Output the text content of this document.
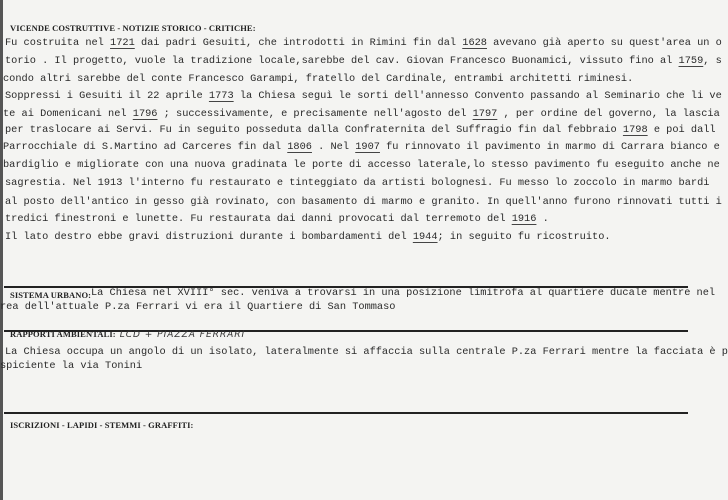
VICENDE COSTRUTTIVE - NOTIZIE STORICO - CRITICHE:
Fu costruita nel 1721 dai padri Gesuiti, che introdotti in Rimini fin dal 1628 avevano già aperto su quest'area un o
torio . Il progetto, vuole la tradizione locale,sarebbe del cav. Giovan Francesco Buonamici, vissuto fino al 1759, s
condo altri sarebbe del conte Francesco Garampi, fratello del Cardinale, entrambi architetti riminesi.
Soppressi i Gesuiti il 22 aprile 1773 la Chiesa seguì le sorti dell'annesso Convento passando al Seminario che li ve
te ai Domenicani nel 1796 ; successivamente, e precisamente nell'agosto del 1797 , per ordine del governo, la lascia
per traslocare ai Servi. Fu in seguito posseduta dalla Confraternita del Suffragio fin dal febbraio 1798 e poi dall
Parrocchiale di S.Martino ad Carceres fin dal 1806 . Nel 1907 fu rinnovato il pavimento in marmo di Carrara bianco e
bardiglio e migliorate con una nuova gradinata le porte di accesso laterale,lo stesso pavimento fu eseguito anche ne
sagrestia. Nel 1913 l'interno fu restaurato e tinteggiato da artisti bolognesi. Fu messo lo zoccolo in marmo bardi
al posto dell'antico in gesso già rovinato, con basamento di marmo e granito. In quell'anno furono rinnovati tutti i
tredici finestroni e lunette. Fu restaurata dai danni provocati dal terremoto del 1916 .
Il lato destro ebbe gravi distruzioni durante i bombardamenti del 1944; in seguito fu ricostruito.
SISTEMA URBANO: La Chiesa nel XVIII° sec. veniva a trovarsi in una posizione limitrofa al quartiere ducale mentre nel
rea dell'attuale P.za Ferrari vi era il Quartiere di San Tommaso
RAPPORTI AMBIENTALI: LCD + PIAZZA FERRARI
La Chiesa occupa un angolo di un isolato, lateralmente si affaccia sulla centrale P.za Ferrari mentre la facciata è p
spiciente la via Tonini
ISCRIZIONI - LAPIDI - STEMMI - GRAFFITI:
